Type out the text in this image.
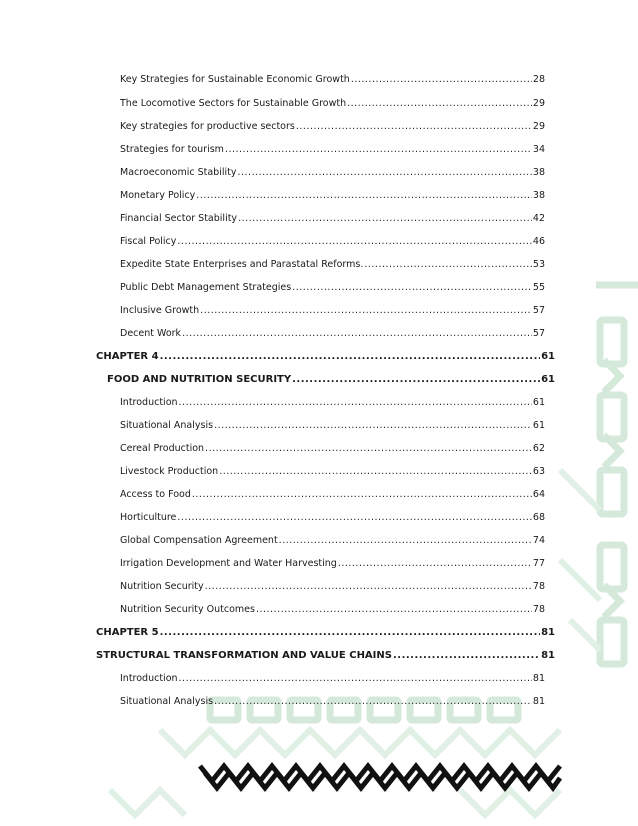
Key Strategies for Sustainable Economic Growth .....	28
The Locomotive Sectors for Sustainable Growth .....	29
Key strategies for productive sectors .....	29
Strategies for tourism .....	34
Macroeconomic Stability .....	38
Monetary Policy .....	38
Financial Sector Stability .....	42
Fiscal Policy .....	46
Expedite State Enterprises and Parastatal Reforms. .....	53
Public Debt Management Strategies .....	55
Inclusive Growth .....	57
Decent Work .....	57
CHAPTER 4 .....	61
FOOD AND NUTRITION SECURITY .....	61
Introduction .....	61
Situational Analysis .....	61
Cereal Production .....	62
Livestock Production .....	63
Access to Food .....	64
Horticulture .....	68
Global Compensation Agreement .....	74
Irrigation Development and Water Harvesting .....	77
Nutrition Security .....	78
Nutrition Security Outcomes .....	78
CHAPTER 5 .....	81
STRUCTURAL TRANSFORMATION AND VALUE CHAINS .....	81
Introduction .....	81
Situational Analysis .....	81
